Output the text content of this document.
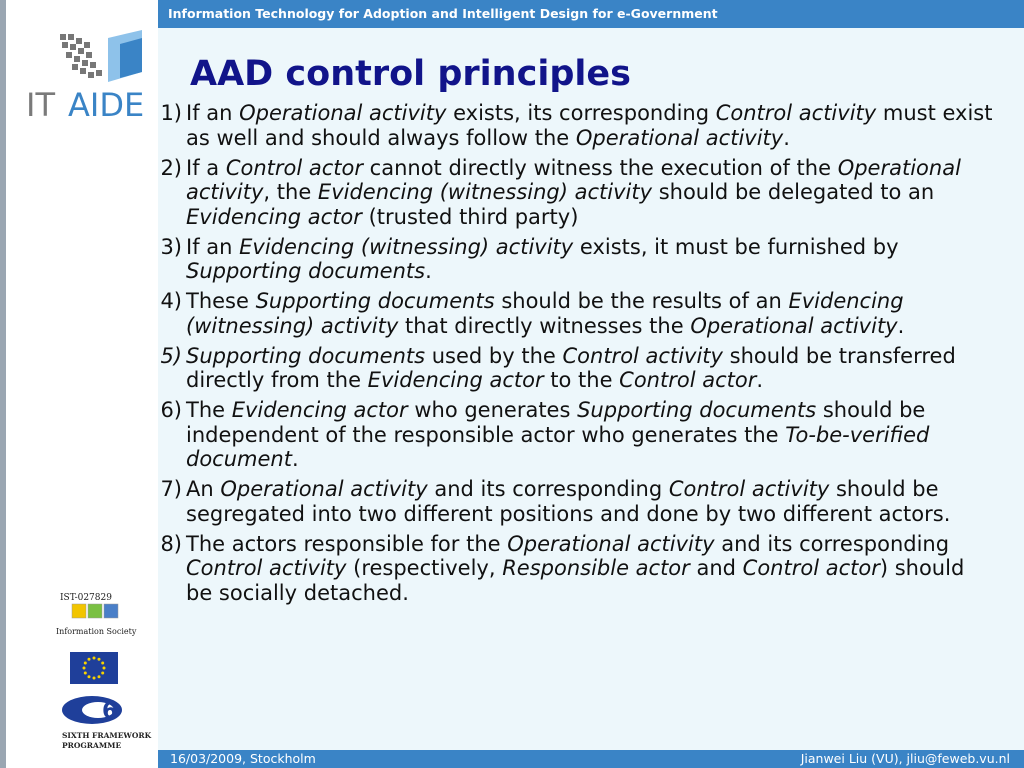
IT AIDE
IST-027829
Information Society
6
SIXTH FRAMEWORK
PROGRAMME
Information Technology for Adoption and Intelligent Design for e-Government
AAD control principles
1) If an Operational activity exists, its corresponding Control activity must exist as well and should always follow the Operational activity.
2) If a Control actor cannot directly witness the execution of the Operational activity, the Evidencing (witnessing) activity should be delegated to an Evidencing actor (trusted third party)
3) If an Evidencing (witnessing) activity exists, it must be furnished by Supporting documents.
4) These Supporting documents should be the results of an Evidencing (witnessing) activity that directly witnesses the Operational activity.
5) Supporting documents used by the Control activity should be transferred directly from the Evidencing actor to the Control actor.
6) The Evidencing actor who generates Supporting documents should be independent of the responsible actor who generates the To-be-verified document.
7) An Operational activity and its corresponding Control activity should be segregated into two different positions and done by two different actors.
8) The actors responsible for the Operational activity and its corresponding Control activity (respectively, Responsible actor and Control actor) should be socially detached.
16/03/2009, Stockholm	Jianwei Liu (VU), jliu@feweb.vu.nl
